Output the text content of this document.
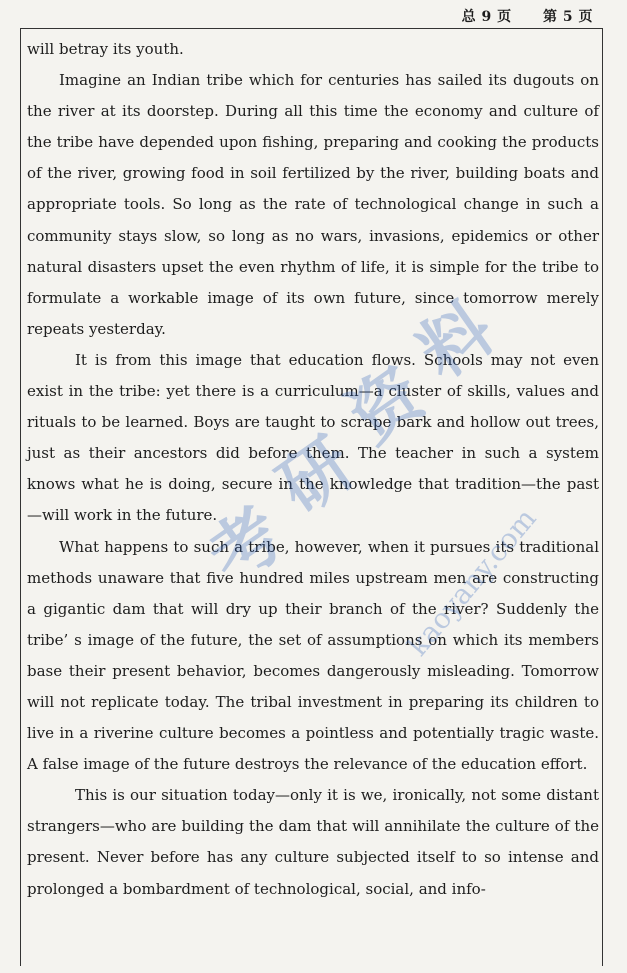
总 9 页 第 5 页

will betray its youth.

Imagine an Indian tribe which for centuries has sailed its dugouts on the river at its doorstep. During all this time the economy and culture of the tribe have depended upon fishing, preparing and cooking the products of the river, growing food in soil fertilized by the river, building boats and appropriate tools. So long as the rate of technological change in such a community stays slow, so long as no wars, invasions, epidemics or other natural disasters upset the even rhythm of life, it is simple for the tribe to formulate a workable image of its own future, since tomorrow merely repeats yesterday.

It is from this image that education flows. Schools may not even exist in the tribe: yet there is a curriculum—a cluster of skills, values and rituals to be learned. Boys are taught to scrape bark and hollow out trees, just as their ancestors did before them. The teacher in such a system knows what he is doing, secure in the knowledge that tradition—the past—will work in the future.

What happens to such a tribe, however, when it pursues its traditional methods unaware that five hundred miles upstream men are constructing a gigantic dam that will dry up their branch of the river? Suddenly the tribe’ s image of the future, the set of assumptions on which its members base their present behavior, becomes dangerously misleading. Tomorrow will not replicate today. The tribal investment in preparing its children to live in a riverine culture becomes a pointless and potentially tragic waste. A false image of the future destroys the relevance of the education effort.

This is our situation today—only it is we, ironically, not some distant strangers—who are building the dam that will annihilate the culture of the present. Never before has any culture subjected itself to so intense and prolonged a bombardment of technological, social, and info-

考
研
资
料
kaoyany.com
